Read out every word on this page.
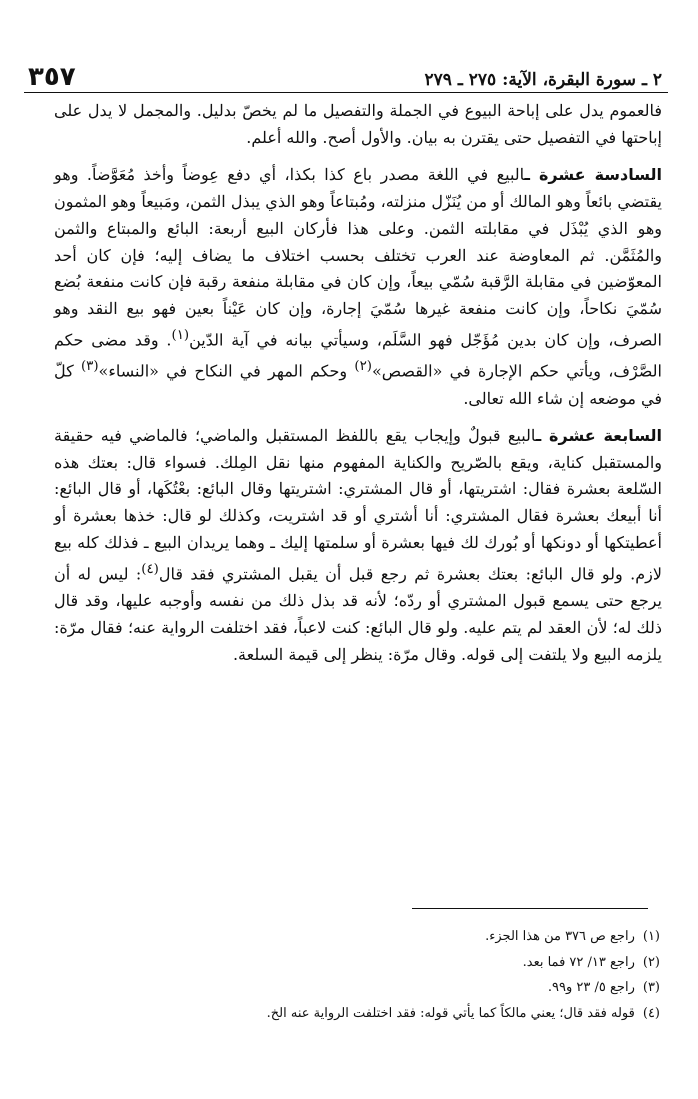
٢ ـ سورة البقرة، الآية: ٢٧٥ ـ ٢٧٩
٣٥٧

فالعموم يدل على إباحة البيوع في الجملة والتفصيل ما لم يخصّ بدليل. والمجمل لا يدل على إباحتها في التفصيل حتى يقترن به بيان. والأول أصح. والله أعلم.

السادسة عشرة ـالبيع في اللغة مصدر باع كذا بكذا، أي دفع عِوضاً وأخذ مُعَوَّضاً. وهو يقتضي بائعاً وهو المالك أو من يُنَزّل منزلته، ومُبتاعاً وهو الذي يبذل الثمن، ومَبيعاً وهو المثمون وهو الذي يُبْذَل في مقابلته الثمن. وعلى هذا فأركان البيع أربعة: البائع والمبتاع والثمن والمُثَمَّن. ثم المعاوضة عند العرب تختلف بحسب اختلاف ما يضاف إليه؛ فإن كان أحد المعوّضين في مقابلة الرَّقبة سُمّي بيعاً، وإن كان في مقابلة منفعة رقبة فإن كانت منفعة بُضع سُمّيَ نكاحاً، وإن كانت منفعة غيرها سُمّيَ إجارة، وإن كان عَيْناً بعين فهو بيع النقد وهو الصرف، وإن كان بدين مُؤَجّل فهو السَّلَم، وسيأتي بيانه في آية الدّين$^{(١)}$. وقد مضى حكم الصَّرْف، ويأتي حكم الإجارة في «القصص»$^{(٢)}$ وحكم المهر في النكاح في «النساء»$^{(٣)}$ كلّ في موضعه إن شاء الله تعالى.

السابعة عشرة ـالبيع قبولٌ وإيجاب يقع باللفظ المستقبل والماضي؛ فالماضي فيه حقيقة والمستقبل كناية، ويقع بالصّريح والكناية المفهوم منها نقل المِلك. فسواء قال: بعتك هذه السّلعة بعشرة فقال: اشتريتها، أو قال المشتري: اشتريتها وقال البائع: بعْتُكَها، أو قال البائع: أنا أبيعك بعشرة فقال المشتري: أنا أشتري أو قد اشتريت، وكذلك لو قال: خذها بعشرة أو أعطيتكها أو دونكها أو بُورك لك فيها بعشرة أو سلمتها إليك ـ وهما يريدان البيع ـ فذلك كله بيع لازم. ولو قال البائع: بعتك بعشرة ثم رجع قبل أن يقبل المشتري فقد قال$^{(٤)}$: ليس له أن يرجع حتى يسمع قبول المشتري أو ردّه؛ لأنه قد بذل ذلك من نفسه وأوجبه عليها، وقد قال ذلك له؛ لأن العقد لم يتم عليه. ولو قال البائع: كنت لاعباً، فقد اختلفت الرواية عنه؛ فقال مرّة: يلزمه البيع ولا يلتفت إلى قوله. وقال مرّة: ينظر إلى قيمة السلعة.

(١)راجع ص ٣٧٦ من هذا الجزء.
(٢)راجع ١٣/ ٧٢ فما بعد.
(٣)راجع ٥/ ٢٣ و٩٩.
(٤)قوله فقد قال؛ يعني مالكاً كما يأتي قوله: فقد اختلفت الرواية عنه الخ.
